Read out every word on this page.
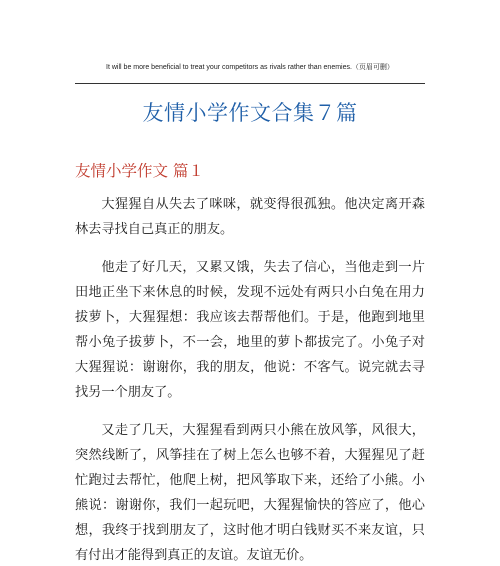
It will be more beneficial to treat your competitors as rivals rather than enemies.（页眉可删）
友情小学作文合集７篇
友情小学作文 篇１

大猩猩自从失去了咪咪，就变得很孤独。他决定离开森林去寻找自己真正的朋友。

他走了好几天，又累又饿，失去了信心，当他走到一片田地正坐下来休息的时候，发现不远处有两只小白兔在用力拔萝卜，大猩猩想：我应该去帮帮他们。于是，他跑到地里帮小兔子拔萝卜，不一会，地里的萝卜都拔完了。小兔子对大猩猩说：谢谢你，我的朋友，他说：不客气。说完就去寻找另一个朋友了。

又走了几天，大猩猩看到两只小熊在放风筝，风很大，突然线断了，风筝挂在了树上怎么也够不着，大猩猩见了赶忙跑过去帮忙，他爬上树，把风筝取下来，还给了小熊。小熊说：谢谢你，我们一起玩吧，大猩猩愉快的答应了，他心想，我终于找到朋友了，这时他才明白钱财买不来友谊，只有付出才能得到真正的友谊。友谊无价。
